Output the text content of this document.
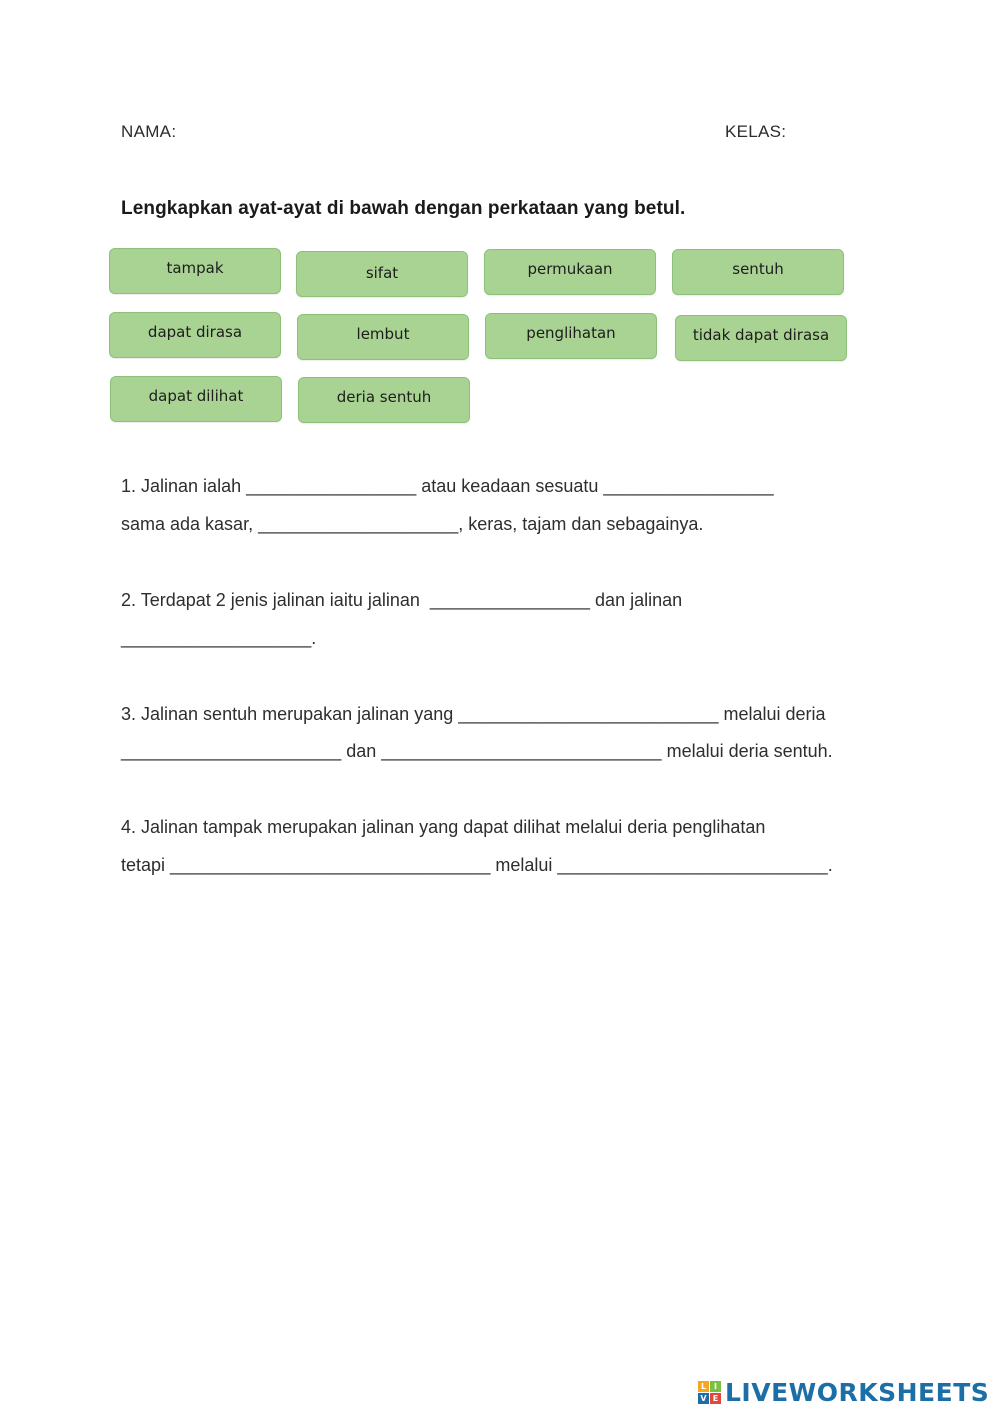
NAMA:	KELAS:
Lengkapkan ayat-ayat di bawah dengan perkataan yang betul.
tampak	sifat	permukaan	sentuh
dapat dirasa	lembut	penglihatan	tidak dapat dirasa
dapat dilihat	deria sentuh
1. Jalinan ialah _________________ atau keadaan sesuatu _________________
sama ada kasar, ____________________, keras, tajam dan sebagainya.
2. Terdapat 2 jenis jalinan iaitu jalinan  ________________ dan jalinan
___________________.
3. Jalinan sentuh merupakan jalinan yang __________________________ melalui deria
______________________ dan ____________________________ melalui deria sentuh.
4. Jalinan tampak merupakan jalinan yang dapat dilihat melalui deria penglihatan
tetapi ________________________________ melalui ___________________________.
L I
V E LIVEWORKSHEETS
